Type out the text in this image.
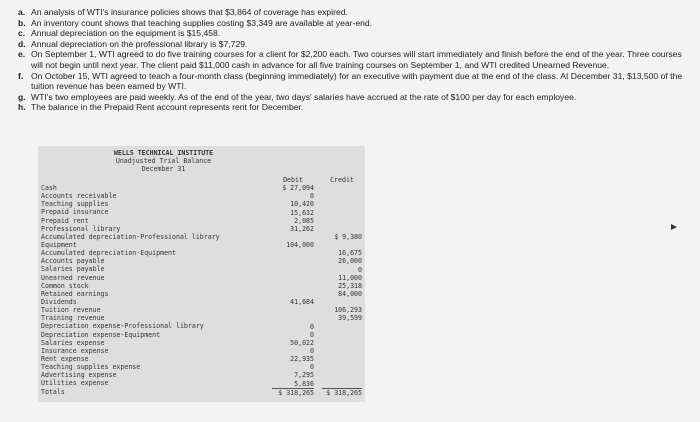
a. An analysis of WTI's insurance policies shows that $3,864 of coverage has expired.
b. An inventory count shows that teaching supplies costing $3,349 are available at year-end.
c. Annual depreciation on the equipment is $15,458.
d. Annual depreciation on the professional library is $7,729.
e. On September 1, WTI agreed to do five training courses for a client for $2,200 each. Two courses will start immediately and finish before the end of the year. Three courses will not begin until next year. The client paid $11,000 cash in advance for all five training courses on September 1, and WTI credited Unearned Revenue.
f. On October 15, WTI agreed to teach a four-month class (beginning immediately) for an executive with payment due at the end of the class. At December 31, $13,500 of the tuition revenue has been earned by WTI.
g. WTI's two employees are paid weekly. As of the end of the year, two days' salaries have accrued at the rate of $100 per day for each employee.
h. The balance in the Prepaid Rent account represents rent for December.
WELLS TECHNICAL INSTITUTE
Unadjusted Trial Balance
December 31
Cash
Accounts receivable
Teaching supplies
Prepaid insurance
Prepaid rent
Professional library
Accumulated depreciation-Professional library
Equipment
Accumulated depreciation-Equipment
Accounts payable
Salaries payable
Unearned revenue
Common stock
Retained earnings
Dividends
Tuition revenue
Training revenue
Depreciation expense-Professional library
Depreciation expense-Equipment
Salaries expense
Insurance expense
Rent expense
Teaching supplies expense
Advertising expense
Utilities expense
Totals
Debit
$ 27,094
0
10,420
15,632
2,085
31,262
104,000
41,684
0
0
50,022
0
22,935
0
7,295
5,836
$ 318,265
Credit
$ 9,380
16,675
26,000
0
11,000
25,318
84,000
106,293
39,599
$ 318,265
